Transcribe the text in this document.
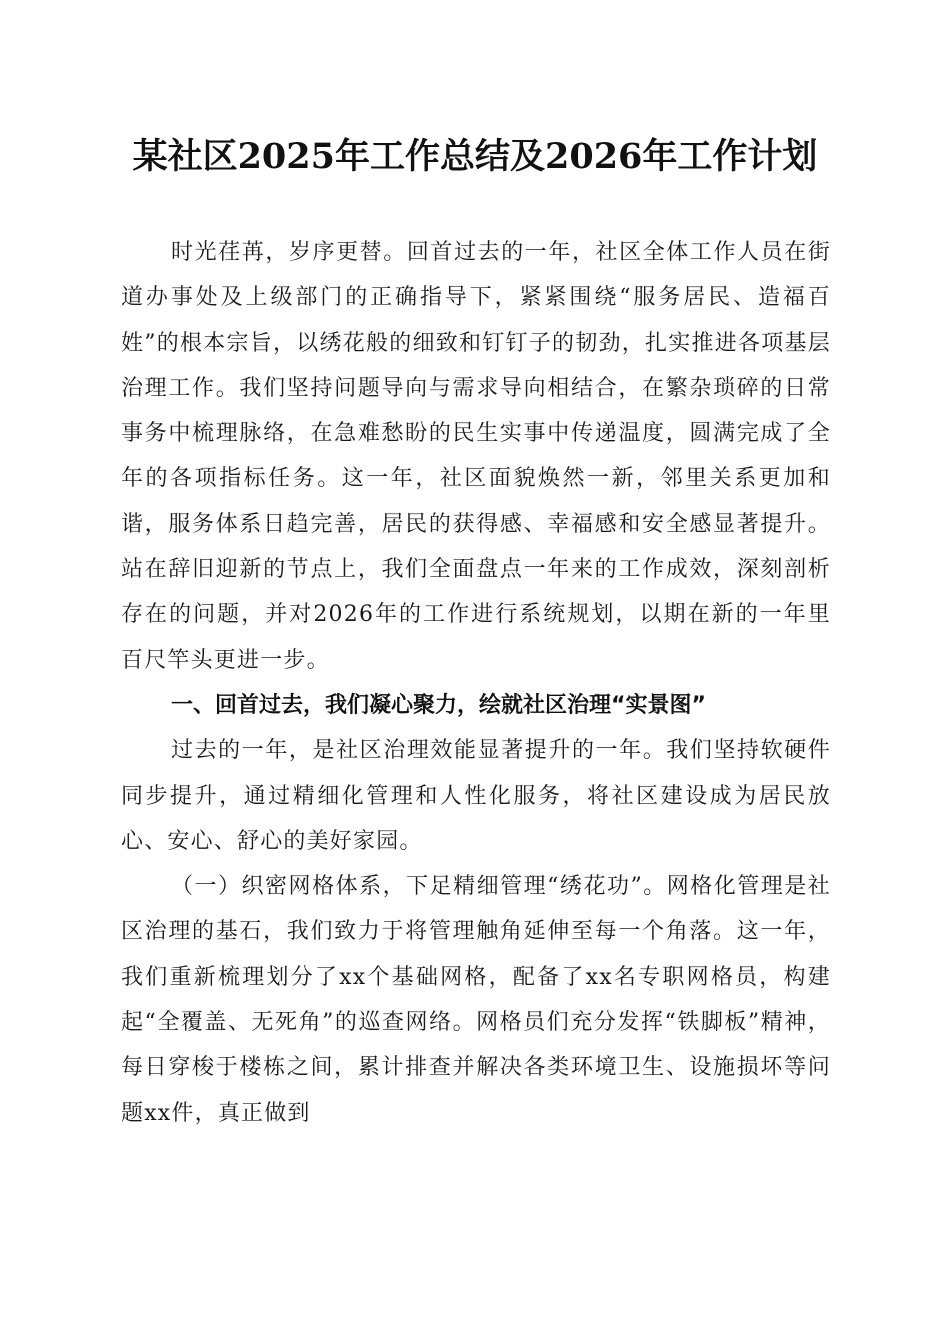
某社区2025年工作总结及2026年工作计划

时光荏苒，岁序更替。回首过去的一年，社区全体工作人员在街道办事处及上级部门的正确指导下，紧紧围绕“服务居民、造福百姓”的根本宗旨，以绣花般的细致和钉钉子的韧劲，扎实推进各项基层治理工作。我们坚持问题导向与需求导向相结合，在繁杂琐碎的日常事务中梳理脉络，在急难愁盼的民生实事中传递温度，圆满完成了全年的各项指标任务。这一年，社区面貌焕然一新，邻里关系更加和谐，服务体系日趋完善，居民的获得感、幸福感和安全感显著提升。站在辞旧迎新的节点上，我们全面盘点一年来的工作成效，深刻剖析存在的问题，并对2026年的工作进行系统规划，以期在新的一年里百尺竿头更进一步。

一、回首过去，我们凝心聚力，绘就社区治理“实景图”

过去的一年，是社区治理效能显著提升的一年。我们坚持软硬件同步提升，通过精细化管理和人性化服务，将社区建设成为居民放心、安心、舒心的美好家园。

（一）织密网格体系，下足精细管理“绣花功”。网格化管理是社区治理的基石，我们致力于将管理触角延伸至每一个角落。这一年，我们重新梳理划分了xx个基础网格，配备了xx名专职网格员，构建起“全覆盖、无死角”的巡查网络。网格员们充分发挥“铁脚板”精神，每日穿梭于楼栋之间，累计排查并解决各类环境卫生、设施损坏等问题xx件，真正做到
